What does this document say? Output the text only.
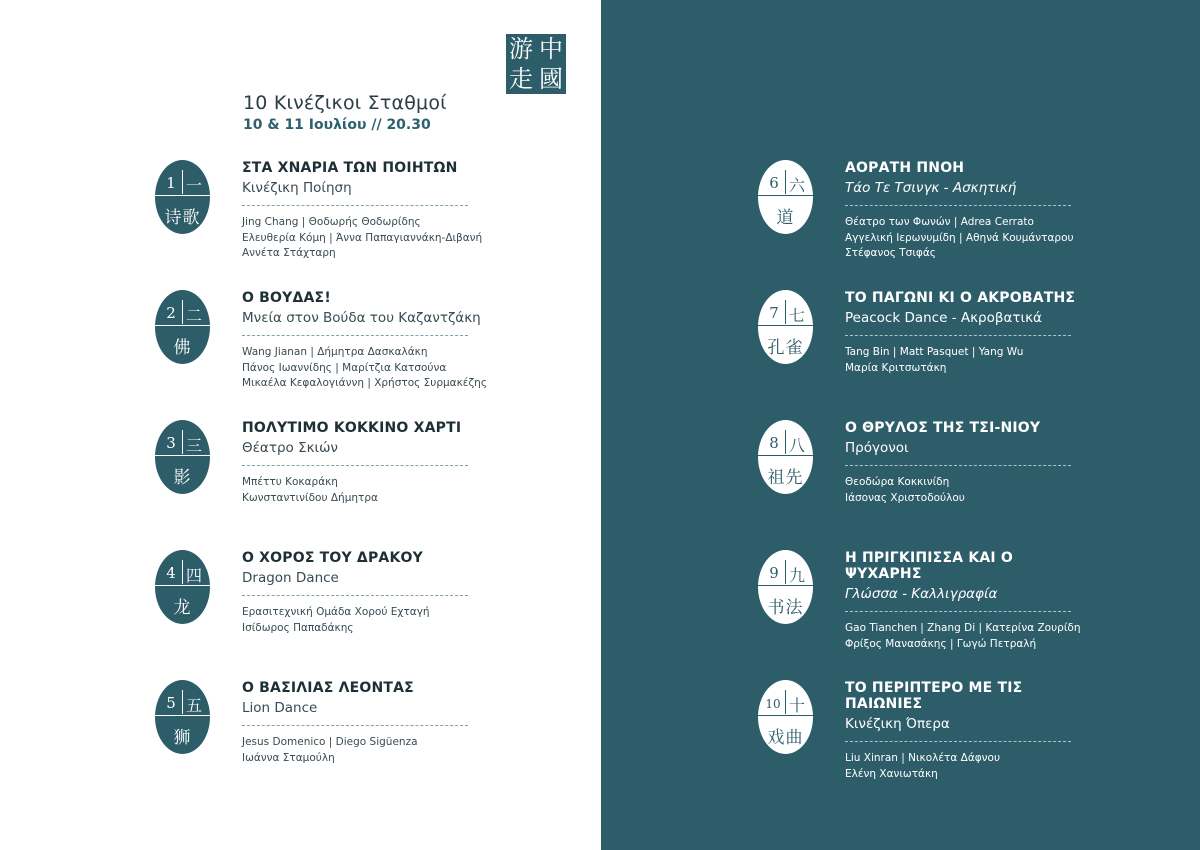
游 中
走 國
10 Κινέζικοι Σταθμοί
10 & 11 Ιουλίου // 20.30
1 一
诗歌
ΣΤΑ ΧΝΑΡΙΑ ΤΩΝ ΠΟΙΗΤΩΝ
Κινέζικη Ποίηση
Jing Chang | Θοδωρής Θοδωρίδης
Ελευθερία Κόμη | Άννα Παπαγιαννάκη-Διβανή
Αννέτα Στάχταρη
2 二
佛
Ο ΒΟΥΔΑΣ!
Μνεία στον Βούδα του Καζαντζάκη
Wang Jianan | Δήμητρα Δασκαλάκη
Πάνος Ιωαννίδης | Μαρίτζια Κατσούνα
Μικαέλα Κεφαλογιάννη | Χρήστος Συρμακέζης
3 三
影
ΠΟΛΥΤΙΜΟ ΚΟΚΚΙΝΟ ΧΑΡΤΙ
Θέατρο Σκιών
Μπέττυ Κοκαράκη
Κωνσταντινίδου Δήμητρα
4 四
龙
Ο ΧΟΡΟΣ ΤΟΥ ΔΡΑΚΟΥ
Dragon Dance
Ερασιτεχνική Ομάδα Χορού Εχταγή
Ισίδωρος Παπαδάκης
5 五
狮
Ο ΒΑΣΙΛΙΑΣ ΛΕΟΝΤΑΣ
Lion Dance
Jesus Domenico | Diego Sigüenza
Ιωάννα Σταμούλη
6 六
道
ΑΟΡΑΤΗ ΠΝΟΗ
Τάο Τε Τσινγκ - Ασκητική
Θέατρο των Φωνών | Adrea Cerrato
Αγγελική Ιερωνυμίδη | Αθηνά Κουμάνταρου
Στέφανος Τσιφάς
7 七
孔雀
ΤΟ ΠΑΓΩΝΙ ΚΙ Ο ΑΚΡΟΒΑΤΗΣ
Peacock Dance - Ακροβατικά
Tang Bin | Matt Pasquet | Yang Wu
Μαρία Κριτσωτάκη
8 八
祖先
Ο ΘΡΥΛΟΣ ΤΗΣ ΤΣΙ-ΝΙΟΥ
Πρόγονοι
Θεοδώρα Κοκκινίδη
Ιάσονας Χριστοδούλου
9 九
书法
Η ΠΡΙΓΚΙΠΙΣΣΑ ΚΑΙ Ο ΨΥΧΑΡΗΣ
Γλώσσα - Καλλιγραφία
Gao Tianchen | Zhang Di | Κατερίνα Ζουρίδη
Φρίξος Μανασάκης | Γωγώ Πετραλή
10 十
戏曲
ΤΟ ΠΕΡΙΠΤΕΡΟ ΜΕ ΤΙΣ ΠΑΙΩΝΙΕΣ
Κινέζικη Όπερα
Liu Xinran | Νικολέτα Δάφνου
Ελένη Χανιωτάκη
